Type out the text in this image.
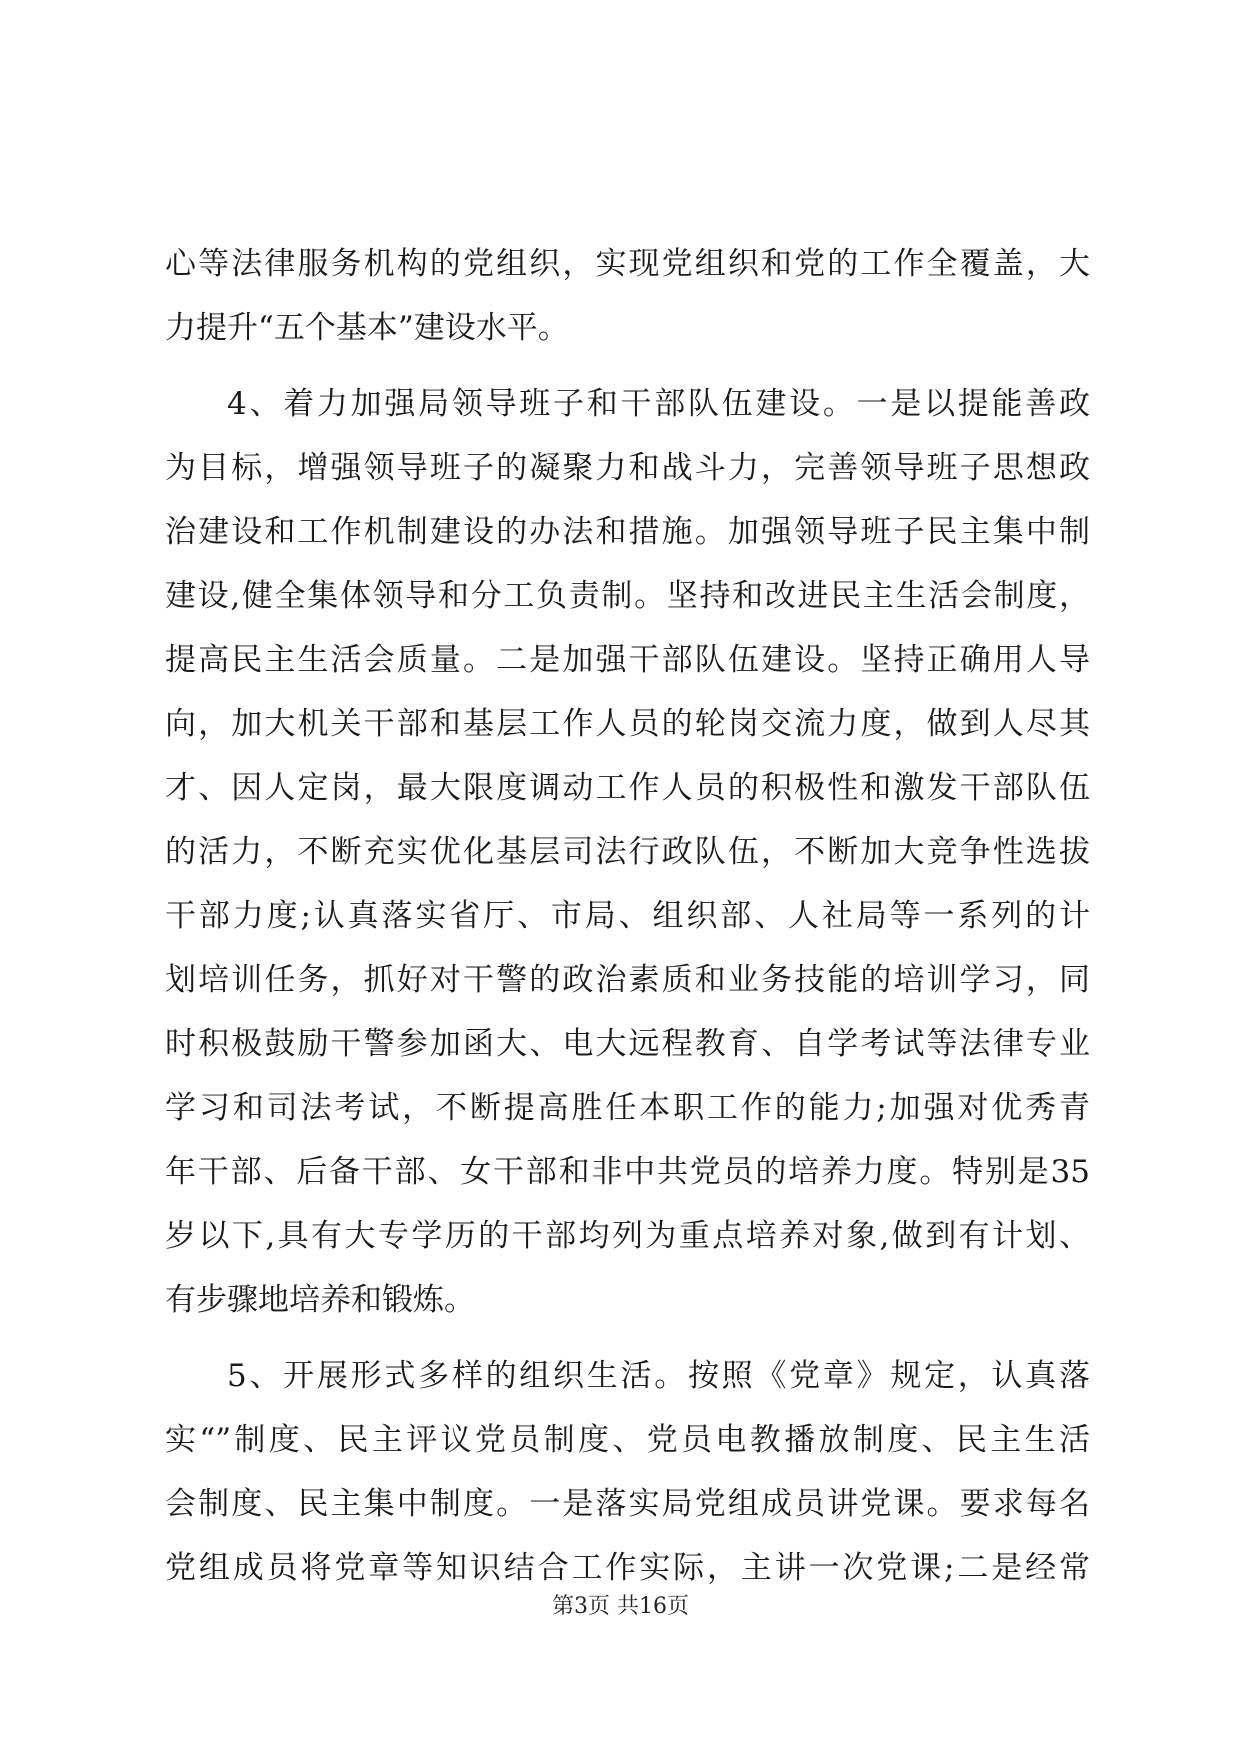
心等法律服务机构的党组织，实现党组织和党的工作全覆盖，大
力提升“五个基本”建设水平。
4、着力加强局领导班子和干部队伍建设。一是以提能善政
为目标，增强领导班子的凝聚力和战斗力，完善领导班子思想政
治建设和工作机制建设的办法和措施。加强领导班子民主集中制
建设,健全集体领导和分工负责制。坚持和改进民主生活会制度，
提高民主生活会质量。二是加强干部队伍建设。坚持正确用人导
向，加大机关干部和基层工作人员的轮岗交流力度，做到人尽其
才、因人定岗，最大限度调动工作人员的积极性和激发干部队伍
的活力，不断充实优化基层司法行政队伍，不断加大竞争性选拔
干部力度;认真落实省厅、市局、组织部、人社局等一系列的计
划培训任务，抓好对干警的政治素质和业务技能的培训学习，同
时积极鼓励干警参加函大、电大远程教育、自学考试等法律专业
学习和司法考试，不断提高胜任本职工作的能力;加强对优秀青
年干部、后备干部、女干部和非中共党员的培养力度。特别是35
岁以下,具有大专学历的干部均列为重点培养对象,做到有计划、
有步骤地培养和锻炼。
5、开展形式多样的组织生活。按照《党章》规定，认真落
实“”制度、民主评议党员制度、党员电教播放制度、民主生活
会制度、民主集中制度。一是落实局党组成员讲党课。要求每名
党组成员将党章等知识结合工作实际，主讲一次党课;二是经常
第3页 共16页
